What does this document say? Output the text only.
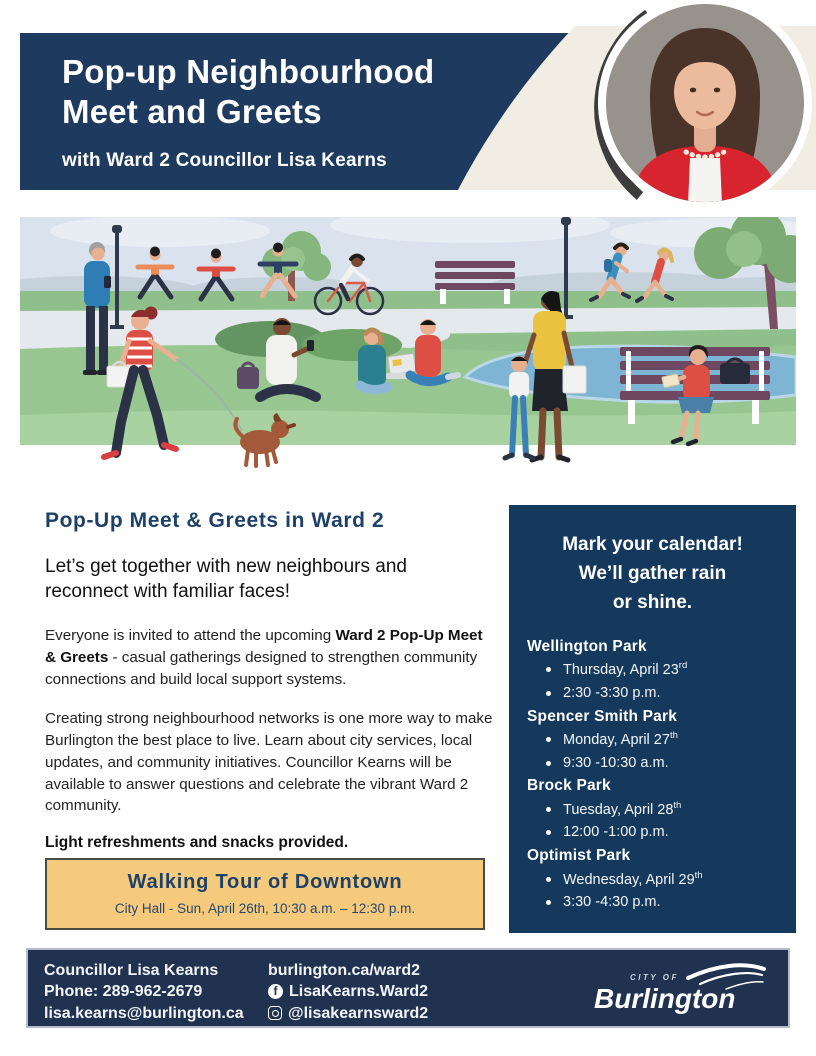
Pop-up Neighbourhood
Meet and Greets
with Ward 2 Councillor Lisa Kearns
Pop-Up Meet & Greets in Ward 2
Let’s get together with new neighbours and reconnect with familiar faces!

Everyone is invited to attend the upcoming Ward 2 Pop-Up Meet & Greets - casual gatherings designed to strengthen community connections and build local support systems.

Creating strong neighbourhood networks is one more way to make Burlington the best place to live. Learn about city services, local updates, and community initiatives. Councillor Kearns will be available to answer questions and celebrate the vibrant Ward 2 community.

Light refreshments and snacks provided.
Walking Tour of Downtown
City Hall - Sun, April 26th, 10:30 a.m. – 12:30 p.m.
Mark your calendar!
We’ll gather rain
or shine.
Wellington Park
Thursday, April 23rd
2:30 -3:30 p.m.
Spencer Smith Park
Monday, April 27th
9:30 -10:30 a.m.
Brock Park
Tuesday, April 28th
12:00 -1:00 p.m.
Optimist Park
Wednesday, April 29th
3:30 -4:30 p.m.
Councillor Lisa Kearns
Phone: 289-962-2679
lisa.kearns@burlington.ca
burlington.ca/ward2
f
LisaKearns.Ward2
@lisakearnsward2
CITY OF
Burlington
